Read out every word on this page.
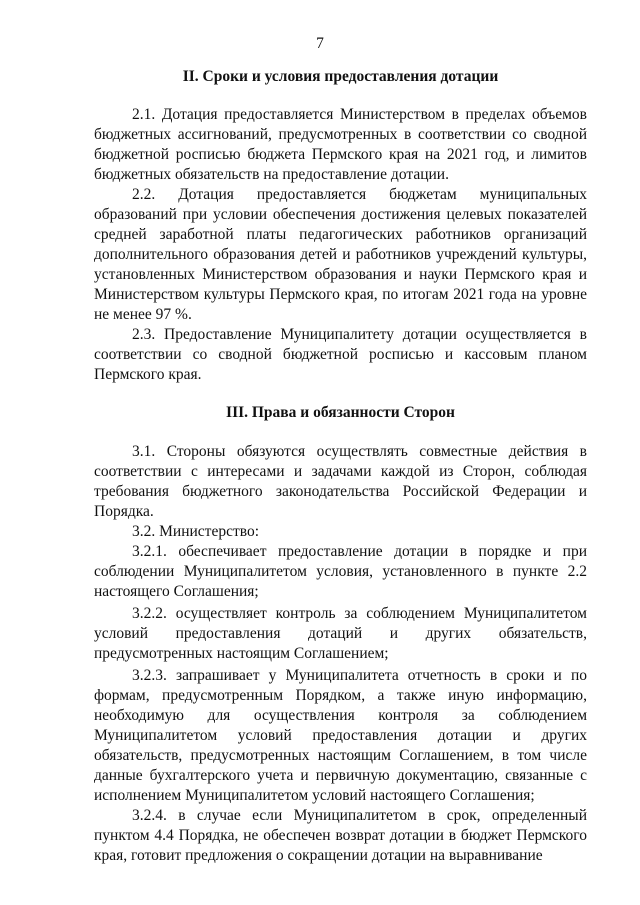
7
II. Сроки и условия предоставления дотации

2.1. Дотация предоставляется Министерством в пределах объемов бюджетных ассигнований, предусмотренных в соответствии со сводной бюджетной росписью бюджета Пермского края на 2021 год, и лимитов бюджетных обязательств на предоставление дотации.

2.2. Дотация предоставляется бюджетам муниципальных образований при условии обеспечения достижения целевых показателей средней заработной платы педагогических работников организаций дополнительного образования детей и работников учреждений культуры, установленных Министерством образования и науки Пермского края и Министерством культуры Пермского края, по итогам 2021 года на уровне не менее 97 %.

2.3. Предоставление Муниципалитету дотации осуществляется в соответствии со сводной бюджетной росписью и кассовым планом Пермского края.

III. Права и обязанности Сторон

3.1. Стороны обязуются осуществлять совместные действия в соответствии с интересами и задачами каждой из Сторон, соблюдая требования бюджетного законодательства Российской Федерации и Порядка.

3.2. Министерство:

3.2.1. обеспечивает предоставление дотации в порядке и при соблюдении Муниципалитетом условия, установленного в пункте 2.2 настоящего Соглашения;

3.2.2. осуществляет контроль за соблюдением Муниципалитетом условий предоставления дотаций и других обязательств, предусмотренных настоящим Соглашением;

3.2.3. запрашивает у Муниципалитета отчетность в сроки и по формам, предусмотренным Порядком, а также иную информацию, необходимую для осуществления контроля за соблюдением Муниципалитетом условий предоставления дотации и других обязательств, предусмотренных настоящим Соглашением, в том числе данные бухгалтерского учета и первичную документацию, связанные с исполнением Муниципалитетом условий настоящего Соглашения;

3.2.4. в случае если Муниципалитетом в срок, определенный пунктом 4.4 Порядка, не обеспечен возврат дотации в бюджет Пермского края, готовит предложения о сокращении дотации на выравнивание
